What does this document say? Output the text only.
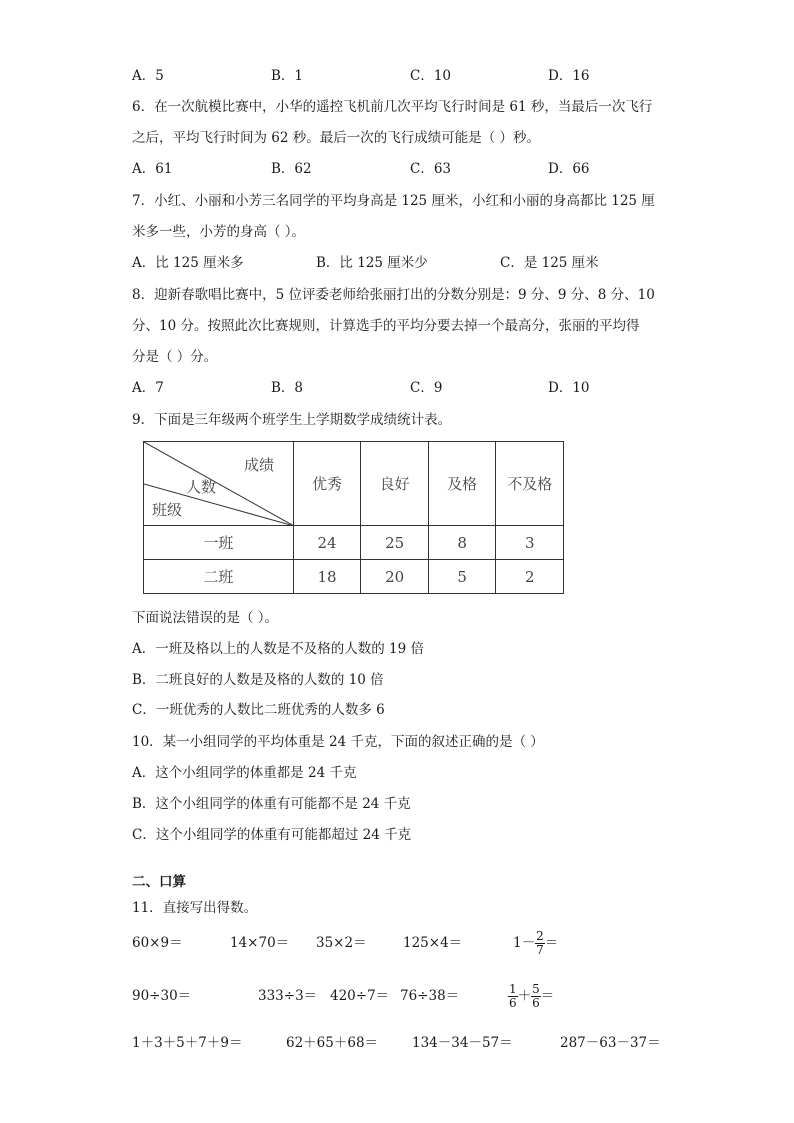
A．5	B．1	C．10	D．16
6．在一次航模比赛中，小华的遥控飞机前几次平均飞行时间是 61 秒，当最后一次飞行
之后，平均飞行时间为 62 秒。最后一次的飞行成绩可能是（ ）秒。
A．61	B．62	C．63	D．66
7．小红、小丽和小芳三名同学的平均身高是 125 厘米，小红和小丽的身高都比 125 厘
米多一些，小芳的身高（ ）。
A．比 125 厘米多	B．比 125 厘米少	C．是 125 厘米
8．迎新春歌唱比赛中，5 位评委老师给张丽打出的分数分别是：9 分、9 分、8 分、10
分、10 分。按照此次比赛规则，计算选手的平均分要去掉一个最高分，张丽的平均得
分是（ ）分。
A．7	B．8	C．9	D．10
9．下面是三年级两个班学生上学期数学成绩统计表。
成绩
人数
班级	优秀	良好	及格	不及格
一班	24	25	8	3
二班	18	20	5	2
下面说法错误的是（ ）。
A．一班及格以上的人数是不及格的人数的 19 倍
B．二班良好的人数是及格的人数的 10 倍
C．一班优秀的人数比二班优秀的人数多 6
10．某一小组同学的平均体重是 24 千克，下面的叙述正确的是（ ）
A．这个小组同学的体重都是 24 千克
B．这个小组同学的体重有可能都不是 24 千克
C．这个小组同学的体重有可能都超过 24 千克
二、口算
11．直接写出得数。
60×9＝	14×70＝ 35×2＝	125×4＝	$1- \frac{2}{7}$ ＝
90÷30＝	333÷3＝ 420÷7＝ 76÷38＝	$\frac{1}{6} + \frac{5}{6}$ ＝
1＋3＋5＋7＋9＝	62＋65＋68＝	134－34－57＝	287－63－37＝
